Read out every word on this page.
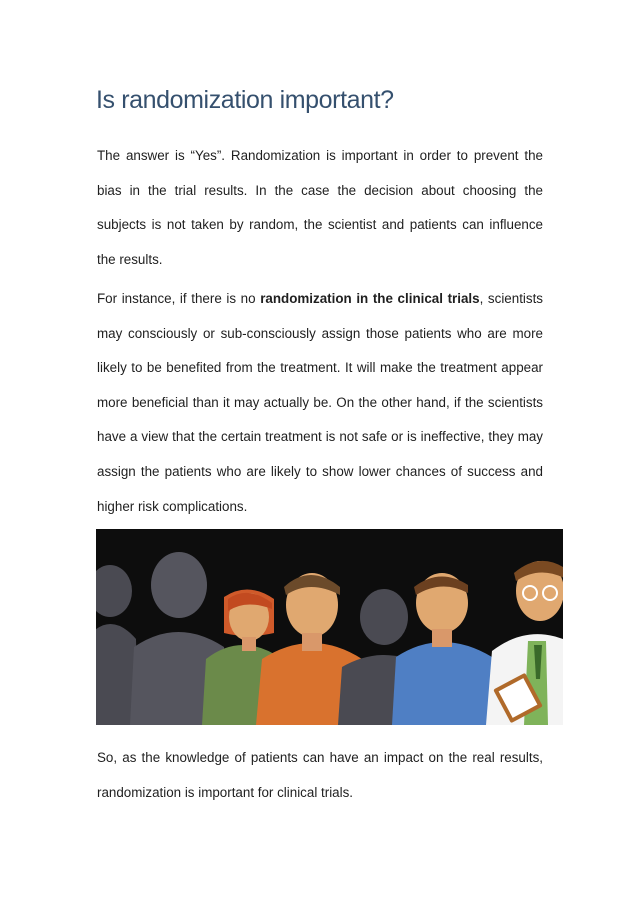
Is randomization important?

The answer is “Yes”. Randomization is important in order to prevent the bias in the trial results. In the case the decision about choosing the subjects is not taken by random, the scientist and patients can influence the results.

For instance, if there is no randomization in the clinical trials, scientists may consciously or sub-consciously assign those patients who are more likely to be benefited from the treatment. It will make the treatment appear more beneficial than it may actually be. On the other hand, if the scientists have a view that the certain treatment is not safe or is ineffective, they may assign the patients who are likely to show lower chances of success and higher risk complications.

So, as the knowledge of patients can have an impact on the real results, randomization is important for clinical trials.
